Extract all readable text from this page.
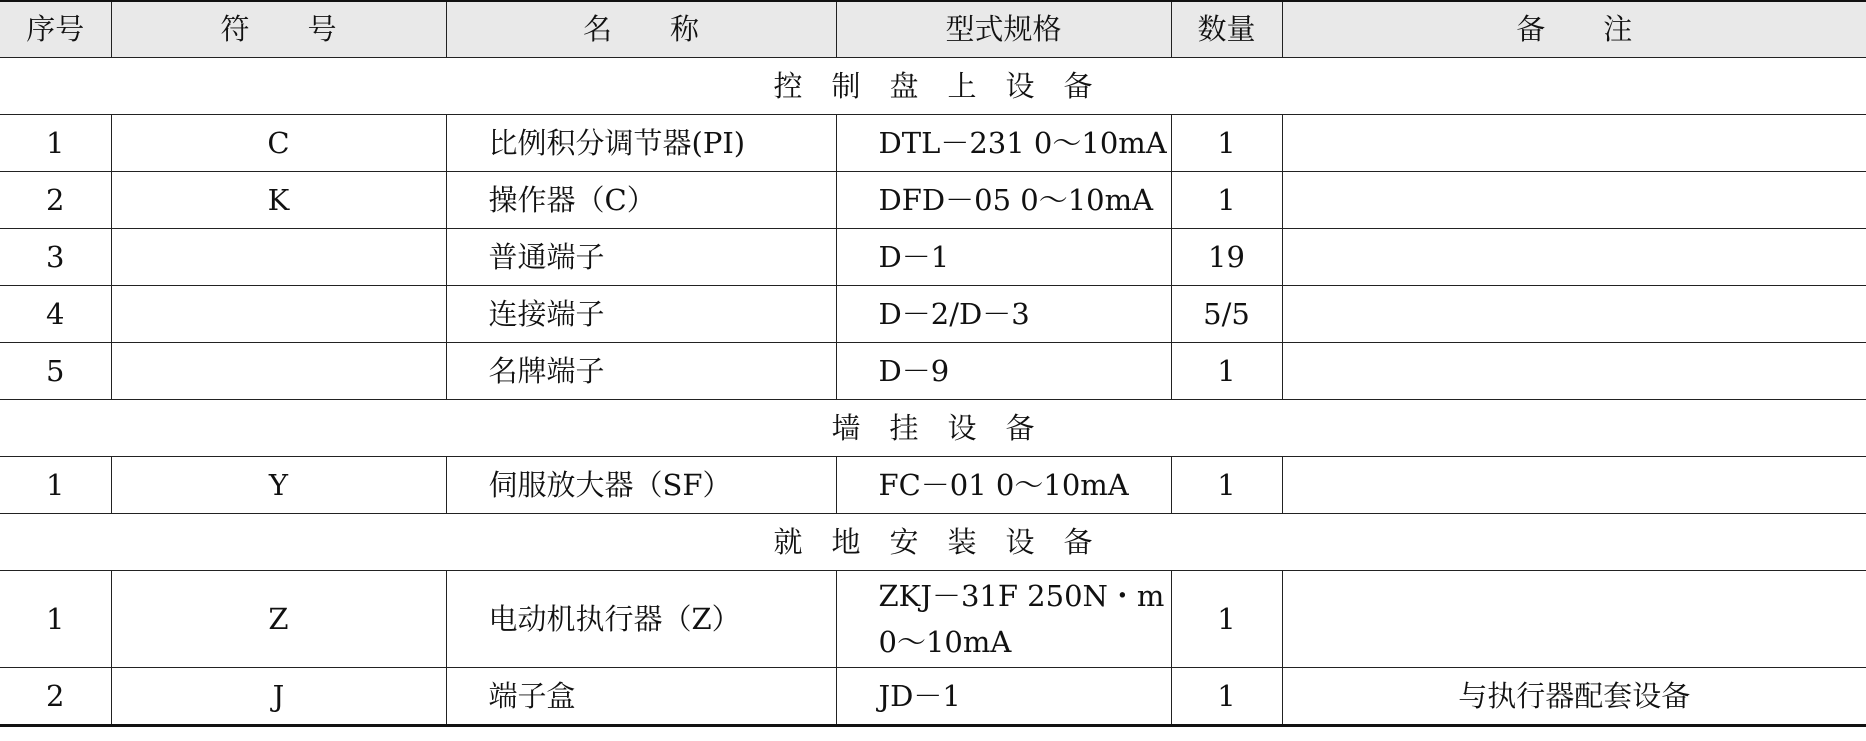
序号	符　　号	名　　称	型式规格	数量	备　　注
控　制　盘　上　设　备					
1	C	比例积分调节器(PI)	DTL－231 0～10mA	1	
2	K	操作器（C）	DFD－05 0～10mA	1	
3		普通端子	D－1	19	
4		连接端子	D－2/D－3	5/5	
5		名牌端子	D－9	1	
墙　挂　设　备					
1	Y	伺服放大器（SF）	FC－01 0～10mA	1	
就　地　安　装　设　备					
1	Z	电动机执行器（Z）	ZKJ－31F 250N・m
0～10mA	1	
2	J	端子盒	JD－1	1	与执行器配套设备
